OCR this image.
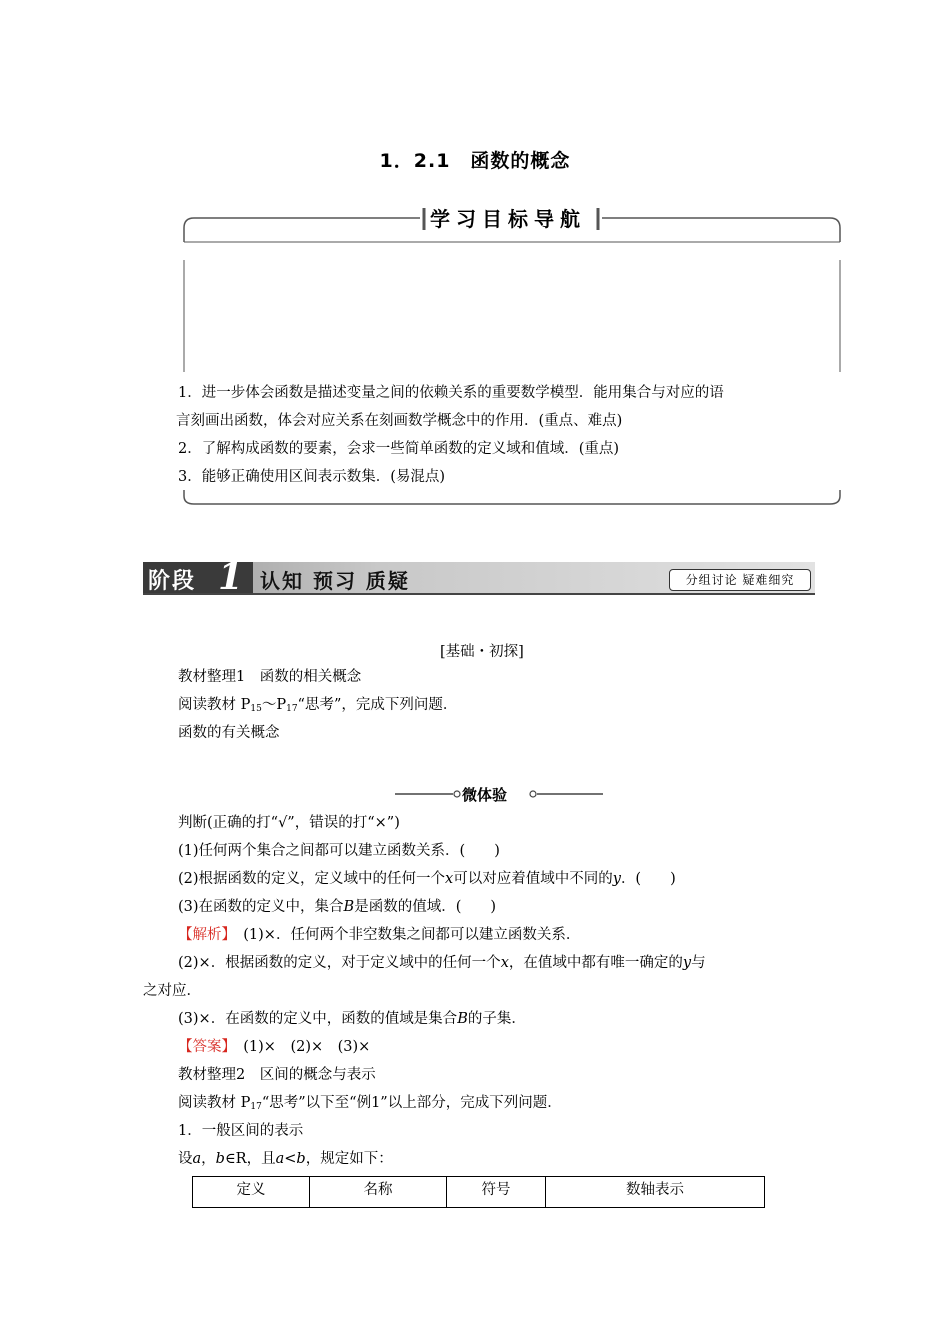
1．2.1　函数的概念
学习目标导航
1．进一步体会函数是描述变量之间的依赖关系的重要数学模型．能用集合与对应的语
言刻画出函数，体会对应关系在刻画数学概念中的作用．(重点、难点)
2．了解构成函数的要素，会求一些简单函数的定义域和值域．(重点)
3．能够正确使用区间表示数集．(易混点)
阶段 1 认知 预习 质疑	分组讨论 疑难细究
[基础・初探]
教材整理1　函数的相关概念
阅读教材 $P_{15}\sim P_{17}“$思考”，完成下列问题．
函数的有关概念
微体验
判断(正确的打“√”，错误的打“×”)
(1)任何两个集合之间都可以建立函数关系．(　　)
(2)根据函数的定义，定义域中的任何一个x可以对应着值域中不同的y．(　　)
(3)在函数的定义中，集合B是函数的值域．(　　)
【解析】　(1)×．任何两个非空数集之间都可以建立函数关系．
(2)×．根据函数的定义，对于定义域中的任何一个x，在值域中都有唯一确定的y与
之对应．
(3)×．在函数的定义中，函数的值域是集合B的子集．
【答案】　(1)×　(2)×　(3)×
教材整理2　区间的概念与表示
阅读教材 $P_{17}“$思考”以下至“例1”以上部分，完成下列问题．
1．一般区间的表示
设a，b∈R，且a<b，规定如下：
定义	名称	符号	数轴表示
